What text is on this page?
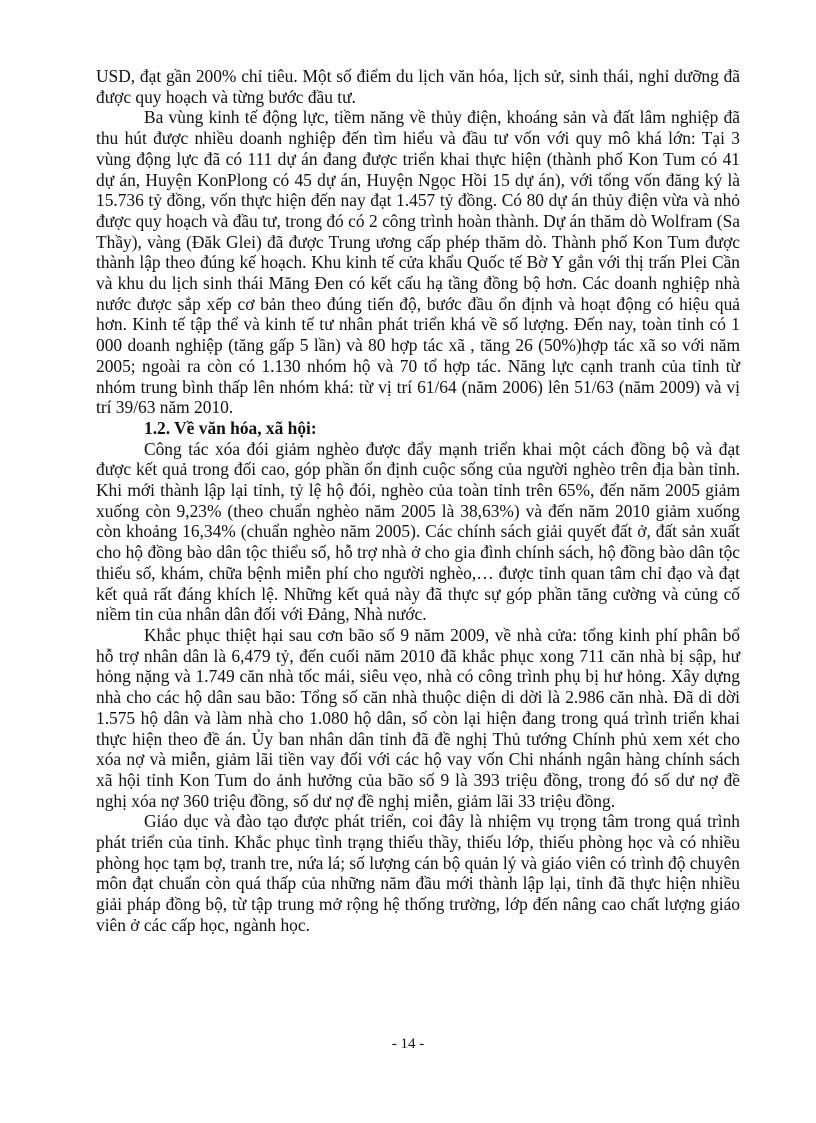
USD, đạt gần 200% chỉ tiêu. Một số điểm du lịch văn hóa, lịch sử, sinh thái, nghỉ dưỡng đã được quy hoạch và từng bước đầu tư.

Ba vùng kinh tế động lực, tiềm năng về thủy điện, khoáng sản và đất lâm nghiệp đã thu hút được nhiều doanh nghiệp đến tìm hiểu và đầu tư vốn với quy mô khá lớn: Tại 3 vùng động lực đã có 111 dự án đang được triển khai thực hiện (thành phố Kon Tum có 41 dự án, Huyện KonPlong có 45 dự án, Huyện Ngọc Hồi 15 dự án), với tổng vốn đăng ký là 15.736 tỷ đồng, vốn thực hiện đến nay đạt 1.457 tỷ đồng. Có 80 dự án thủy điện vừa và nhỏ được quy hoạch và đầu tư, trong đó có 2 công trình hoàn thành. Dự án thăm dò Wolfram (Sa Thầy), vàng (Đăk Glei) đã được Trung ương cấp phép thăm dò. Thành phố Kon Tum được thành lập theo đúng kế hoạch. Khu kinh tế cửa khẩu Quốc tế Bờ Y gắn với thị trấn Plei Cần và khu du lịch sinh thái Măng Đen có kết cấu hạ tầng đồng bộ hơn. Các doanh nghiệp nhà nước được sắp xếp cơ bản theo đúng tiến độ, bước đầu ổn định và hoạt động có hiệu quả hơn. Kinh tế tập thể và kinh tế tư nhân phát triển khá về số lượng. Đến nay, toàn tỉnh có 1 000 doanh nghiệp (tăng gấp 5 lần) và 80 hợp tác xã , tăng 26 (50%)hợp tác xã so với năm 2005; ngoài ra còn có 1.130 nhóm hộ và 70 tổ hợp tác. Năng lực cạnh tranh của tỉnh từ nhóm trung bình thấp lên nhóm khá: từ vị trí 61/64 (năm 2006) lên 51/63 (năm 2009) và vị trí 39/63 năm 2010.

1.2. Về văn hóa, xã hội:

Công tác xóa đói giảm nghèo được đẩy mạnh triển khai một cách đồng bộ và đạt được kết quả trong đối cao, góp phần ổn định cuộc sống của người nghèo trên địa bàn tỉnh. Khi mới thành lập lại tỉnh, tỷ lệ hộ đói, nghèo của toàn tỉnh trên 65%, đến năm 2005 giảm xuống còn 9,23% (theo chuẩn nghèo năm 2005 là 38,63%) và đến năm 2010 giảm xuống còn khoảng 16,34% (chuẩn nghèo năm 2005). Các chính sách giải quyết đất ở, đất sản xuất cho hộ đồng bào dân tộc thiểu số, hỗ trợ nhà ở cho gia đình chính sách, hộ đồng bào dân tộc thiểu số, khám, chữa bệnh miễn phí cho người nghèo,… được tỉnh quan tâm chỉ đạo và đạt kết quả rất đáng khích lệ. Những kết quả này đã thực sự góp phần tăng cường và củng cố niềm tin của nhân dân đối với Đảng, Nhà nước.

Khắc phục thiệt hại sau cơn bão số 9 năm 2009, về nhà cửa: tổng kinh phí phân bổ hỗ trợ nhân dân là 6,479 tỷ, đến cuối năm 2010 đã khắc phục xong 711 căn nhà bị sập, hư hỏng nặng và 1.749 căn nhà tốc mái, siêu vẹo, nhà có công trình phụ bị hư hỏng. Xây dựng nhà cho các hộ dân sau bão: Tổng số căn nhà thuộc diện di dời là 2.986 căn nhà. Đã di dời 1.575 hộ dân và làm nhà cho 1.080 hộ dân, số còn lại hiện đang trong quá trình triển khai thực hiện theo đề án. Ủy ban nhân dân tỉnh đã đề nghị Thủ tướng Chính phủ xem xét cho xóa nợ và miễn, giảm lãi tiền vay đối với các hộ vay vốn Chi nhánh ngân hàng chính sách xã hội tỉnh Kon Tum do ảnh hưởng của bão số 9 là 393 triệu đồng, trong đó số dư nợ đề nghị xóa nợ 360 triệu đồng, số dư nợ đề nghị miễn, giảm lãi 33 triệu đồng.

Giáo dục và đào tạo được phát triển, coi đây là nhiệm vụ trọng tâm trong quá trình phát triển của tỉnh. Khắc phục tình trạng thiếu thầy, thiếu lớp, thiếu phòng học và có nhiều phòng học tạm bợ, tranh tre, nứa lá; số lượng cán bộ quản lý và giáo viên có trình độ chuyên môn đạt chuẩn còn quá thấp của những năm đầu mới thành lập lại, tỉnh đã thực hiện nhiều giải pháp đồng bộ, từ tập trung mở rộng hệ thống trường, lớp đến nâng cao chất lượng giáo viên ở các cấp học, ngành học.

- 14 -
